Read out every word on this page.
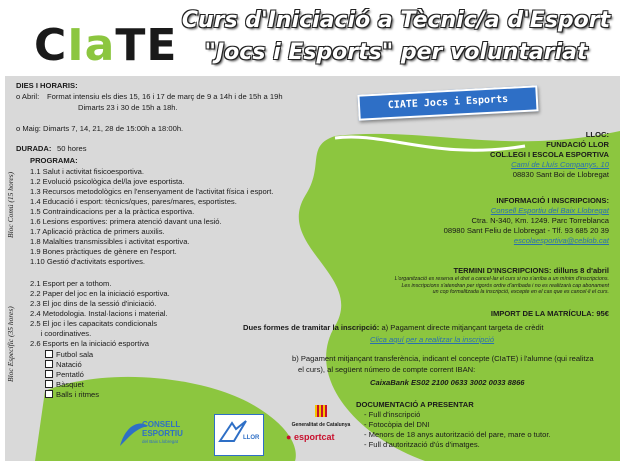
CIaTE Curs d'Iniciació a Tècnic/a d'Esport
"Jocs i Esports" per voluntariat
CIATE Jocs i Esports
DIES I HORARIS:
o Abril: Format intensiu els dies 15, 16 i 17 de març de 9 a 14h i de 15h a 19h
Dimarts 23 i 30 de 15h a 18h.
o Maig: Dimarts 7, 14, 21, 28 de 15:00h a 18:00h.
DURADA: 50 hores
PROGRAMA:
Bloc Comú (15 hores)
1.1 Salut i activitat fisicoesportiva.
1.2 Evolució psicològica del/la jove esportista.
1.3 Recursos metodològics en l'ensenyament de l'activitat física i esport.
1.4 Educació i esport: tècnics/ques, pares/mares, esportistes.
1.5 Contraindicacions per a la pràctica esportiva.
1.6 Lesions esportives: primera atenció davant una lesió.
1.7 Aplicació pràctica de primers auxilis.
1.8 Malalties transmissibles i activitat esportiva.
1.9 Bones pràctiques de gènere en l'esport.
1.10 Gestió d'activitats esportives.
Bloc Específic (35 hores)
2.1 Esport per a tothom.
2.2 Paper del joc en la iniciació esportiva.
2.3 El joc dins de la sessió d'iniciació.
2.4 Metodologia. Instal·lacions i material.
2.5 El joc i les capacitats condicionals
i coordinatives.
2.6 Esports en la iniciació esportiva
Futbol sala
Natació
Pentatló
Bàsquet
Balls i ritmes
LLOC:
FUNDACIÓ LLOR
COL.LEGI I ESCOLA ESPORTIVA
Camí de Lluís Companys, 10
08830 Sant Boi de Llobregat
INFORMACIÓ I INSCRIPCIONS:
Consell Esportiu del Baix Llobregat
Ctra. N-340, Km. 1249. Parc Torreblanca
08980 Sant Feliu de Llobregat - Tlf. 93 685 20 39
escolaesportiva@ceblob.cat
TERMINI D'INSCRIPCIONS: dilluns 8 d'abril
L'organització es reserva el dret a cancel·lar el curs si no s'arriba a un mínim d'inscripcions.
Les inscripcions s'atendran per rigorós ordre d'arribada i no es realitzarà cap abonament
un cop formalitzada la inscripció, excepte en el cas que es cancel·li el curs.
IMPORT DE LA MATRÍCULA: 95€
Dues formes de tramitar la inscripció: a) Pagament directe mitjançant targeta de crèdit
Clica aquí per a realitzar la inscripció
b) Pagament mitjançant transferència, indicant el concepte (CIaTE) i l'alumne (qui realitza
el curs), al següent número de compte corrent IBAN:
CaixaBank ES02 2100 0633 3002 0033 8866
DOCUMENTACIÓ A PRESENTAR
- Full d'inscripció
- Fotocòpia del DNI
- Menors de 18 anys autorització del pare, mare o tutor.
- Full d'autorització d'ús d'imatges.
CONSELL
ESPORTIU
del Baix Llobregat
LLOR
Generalitat de Catalunya
● esportcat
